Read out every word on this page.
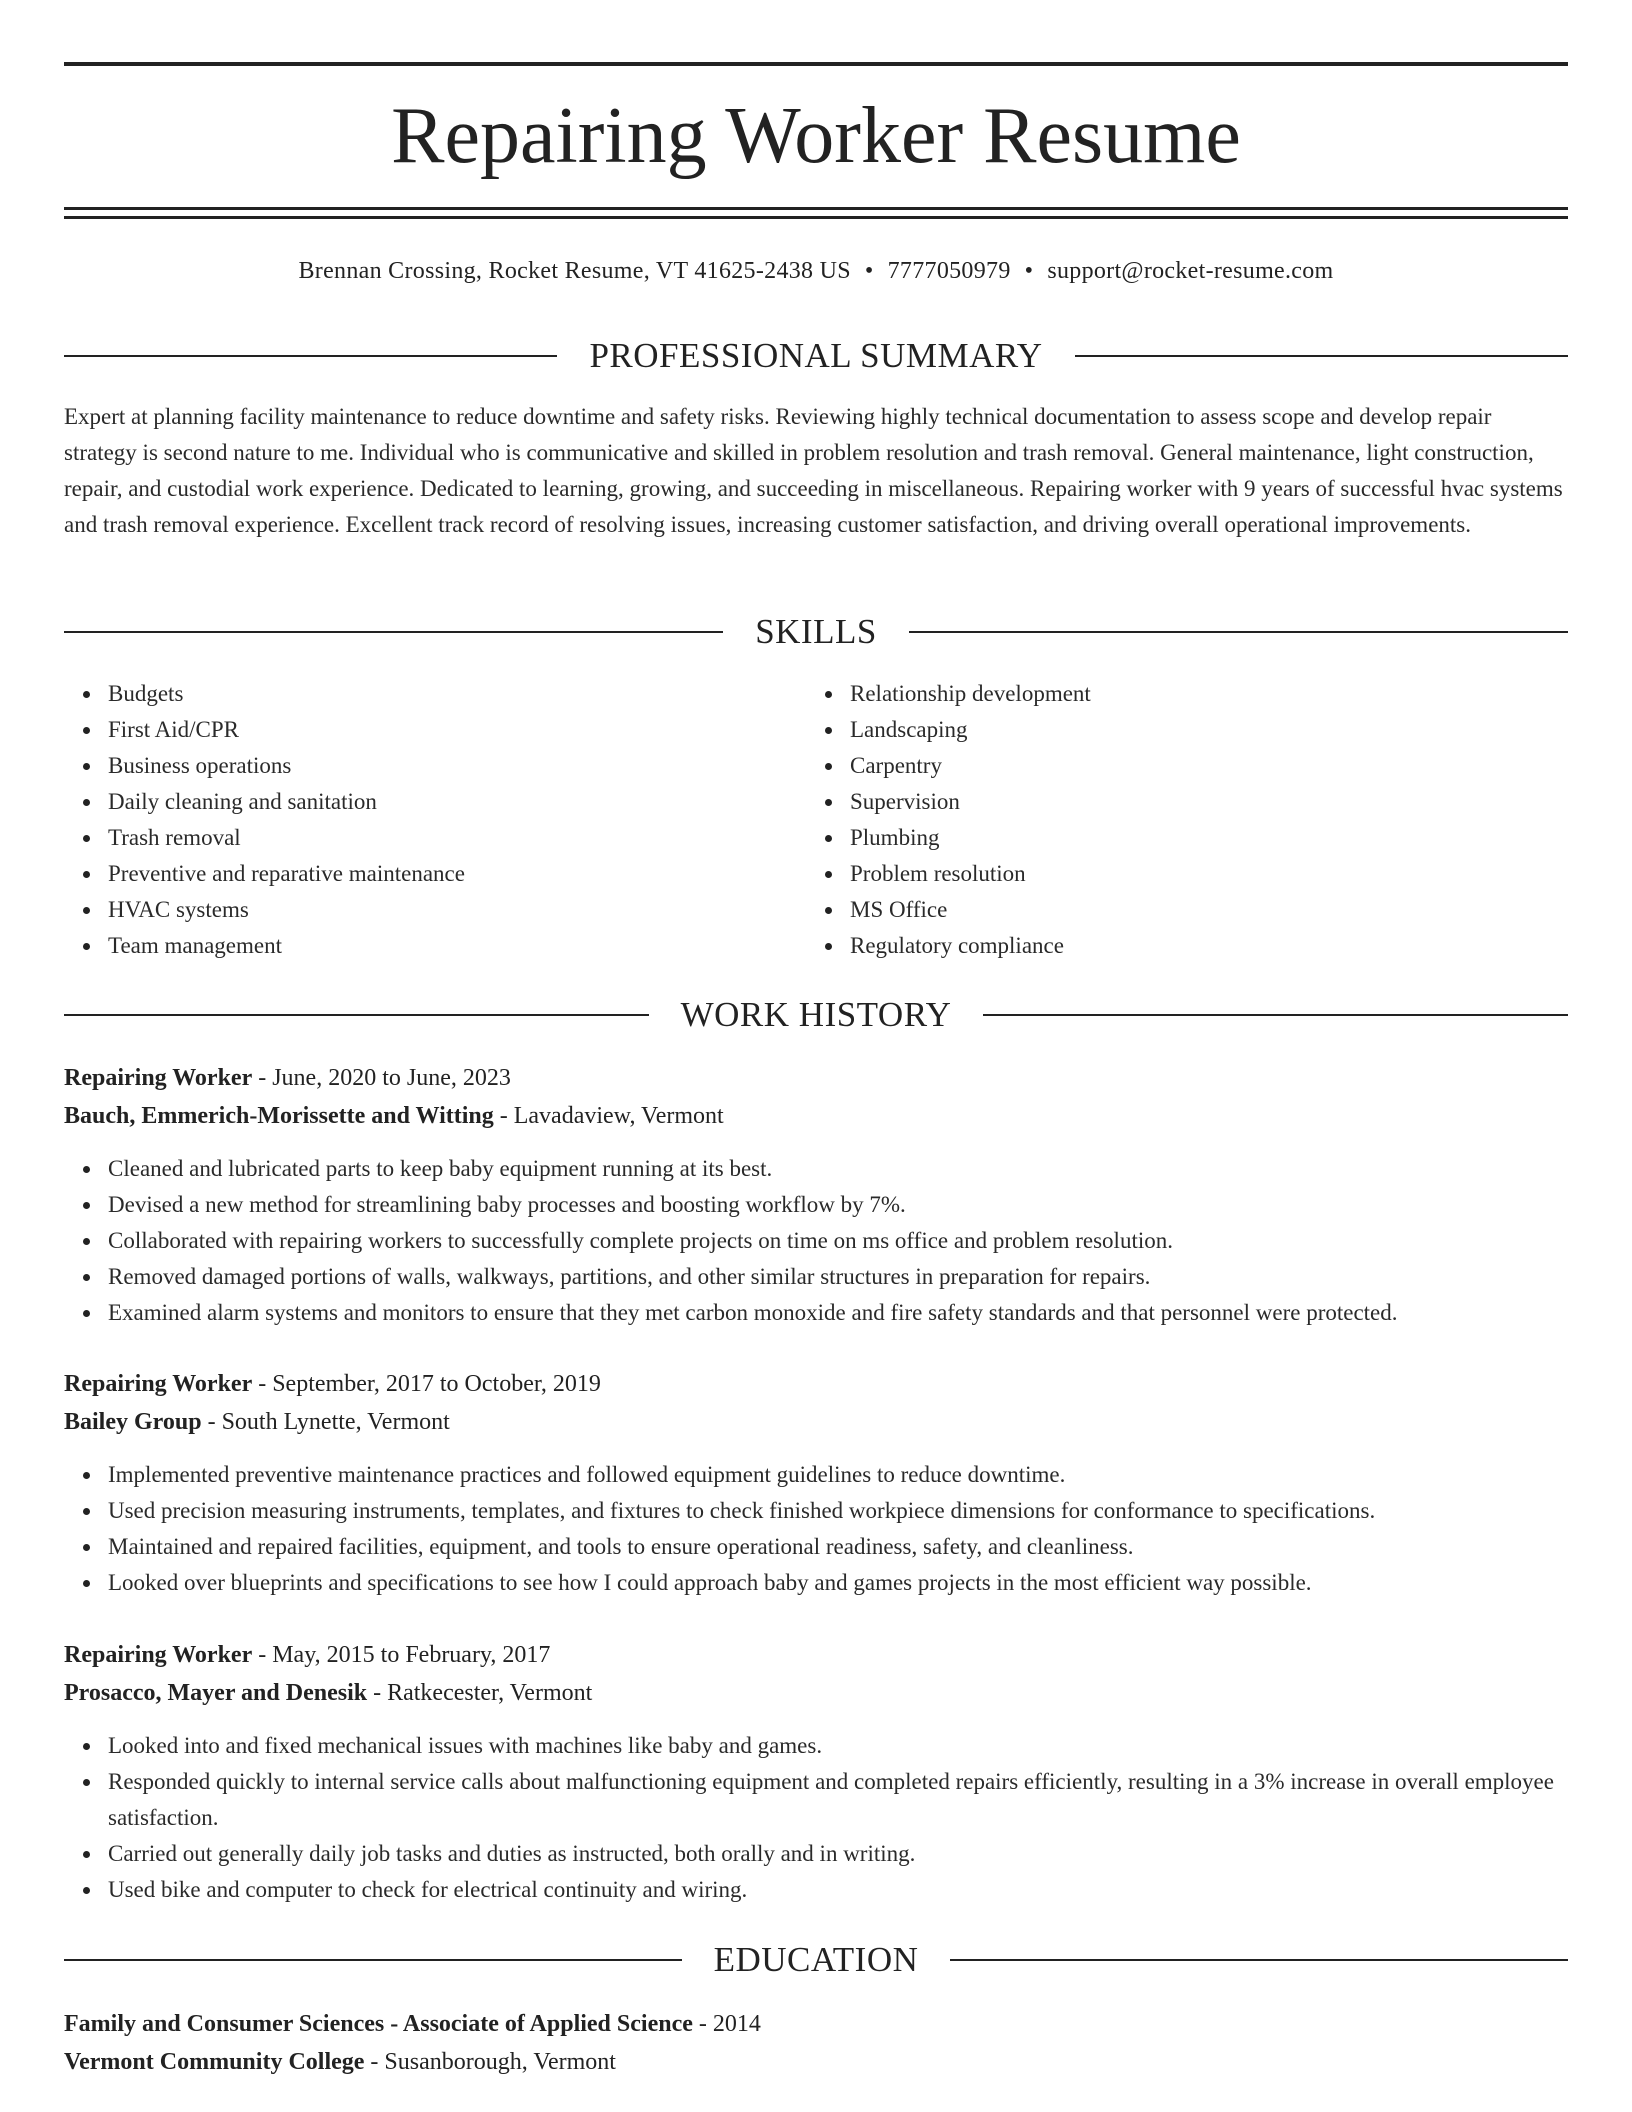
Repairing Worker Resume
Brennan Crossing, Rocket Resume, VT 41625-2438 US • 7777050979 • support@rocket-resume.com
PROFESSIONAL SUMMARY

Expert at planning facility maintenance to reduce downtime and safety risks. Reviewing highly technical documentation to assess scope and develop repair strategy is second nature to me. Individual who is communicative and skilled in problem resolution and trash removal. General maintenance, light construction, repair, and custodial work experience. Dedicated to learning, growing, and succeeding in miscellaneous. Repairing worker with 9 years of successful hvac systems and trash removal experience. Excellent track record of resolving issues, increasing customer satisfaction, and driving overall operational improvements.

SKILLS
Budgets
First Aid/CPR
Business operations
Daily cleaning and sanitation
Trash removal
Preventive and reparative maintenance
HVAC systems
Team management
Relationship development
Landscaping
Carpentry
Supervision
Plumbing
Problem resolution
MS Office
Regulatory compliance
WORK HISTORY
Repairing Worker - June, 2020 to June, 2023
Bauch, Emmerich-Morissette and Witting - Lavadaview, Vermont
Cleaned and lubricated parts to keep baby equipment running at its best.
Devised a new method for streamlining baby processes and boosting workflow by 7%.
Collaborated with repairing workers to successfully complete projects on time on ms office and problem resolution.
Removed damaged portions of walls, walkways, partitions, and other similar structures in preparation for repairs.
Examined alarm systems and monitors to ensure that they met carbon monoxide and fire safety standards and that personnel were protected.
Repairing Worker - September, 2017 to October, 2019
Bailey Group - South Lynette, Vermont
Implemented preventive maintenance practices and followed equipment guidelines to reduce downtime.
Used precision measuring instruments, templates, and fixtures to check finished workpiece dimensions for conformance to specifications.
Maintained and repaired facilities, equipment, and tools to ensure operational readiness, safety, and cleanliness.
Looked over blueprints and specifications to see how I could approach baby and games projects in the most efficient way possible.
Repairing Worker - May, 2015 to February, 2017
Prosacco, Mayer and Denesik - Ratkecester, Vermont
Looked into and fixed mechanical issues with machines like baby and games.
Responded quickly to internal service calls about malfunctioning equipment and completed repairs efficiently, resulting in a 3% increase in overall employee satisfaction.
Carried out generally daily job tasks and duties as instructed, both orally and in writing.
Used bike and computer to check for electrical continuity and wiring.
EDUCATION
Family and Consumer Sciences - Associate of Applied Science - 2014
Vermont Community College - Susanborough, Vermont
